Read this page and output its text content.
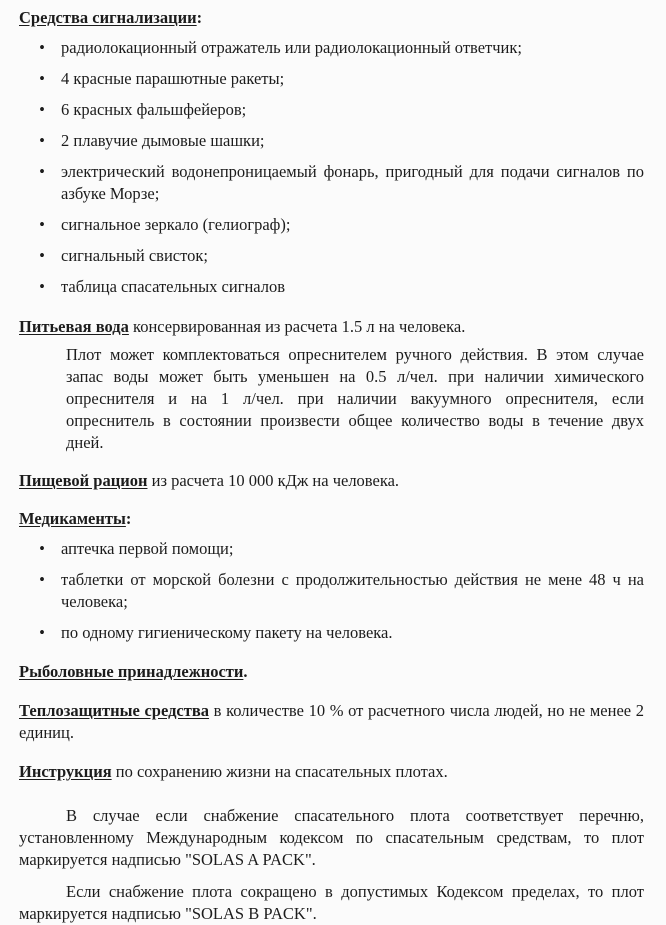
Средства сигнализации:

• радиолокационный отражатель или радиолокационный ответчик;
• 4 красные парашютные ракеты;
• 6 красных фальшфейеров;
• 2 плавучие дымовые шашки;
• электрический водонепроницаемый фонарь, пригодный для подачи сигналов по азбуке Морзе;
• сигнальное зеркало (гелиограф);
• сигнальный свисток;
• таблица спасательных сигналов

Питьевая вода консервированная из расчета 1.5 л на человека.

Плот может комплектоваться опреснителем ручного действия. В этом случае запас воды может быть уменьшен на 0.5 л/чел. при наличии химического опреснителя и на 1 л/чел. при наличии вакуумного опреснителя, если опреснитель в состоянии произвести общее количество воды в течение двух дней.

Пищевой рацион из расчета 10 000 кДж на человека.

Медикаменты:

• аптечка первой помощи;
• таблетки от морской болезни с продолжительностью действия не мене 48 ч на человека;
• по одному гигиеническому пакету на человека.

Рыболовные принадлежности.

Теплозащитные средства в количестве 10 % от расчетного числа людей, но не менее 2 единиц.

Инструкция по сохранению жизни на спасательных плотах.

В случае если снабжение спасательного плота соответствует перечню, установленному Международным кодексом по спасательным средствам, то плот маркируется надписью "SOLAS A PACK".

Если снабжение плота сокращено в допустимых Кодексом пределах, то плот маркируется надписью "SOLAS B PACK".
